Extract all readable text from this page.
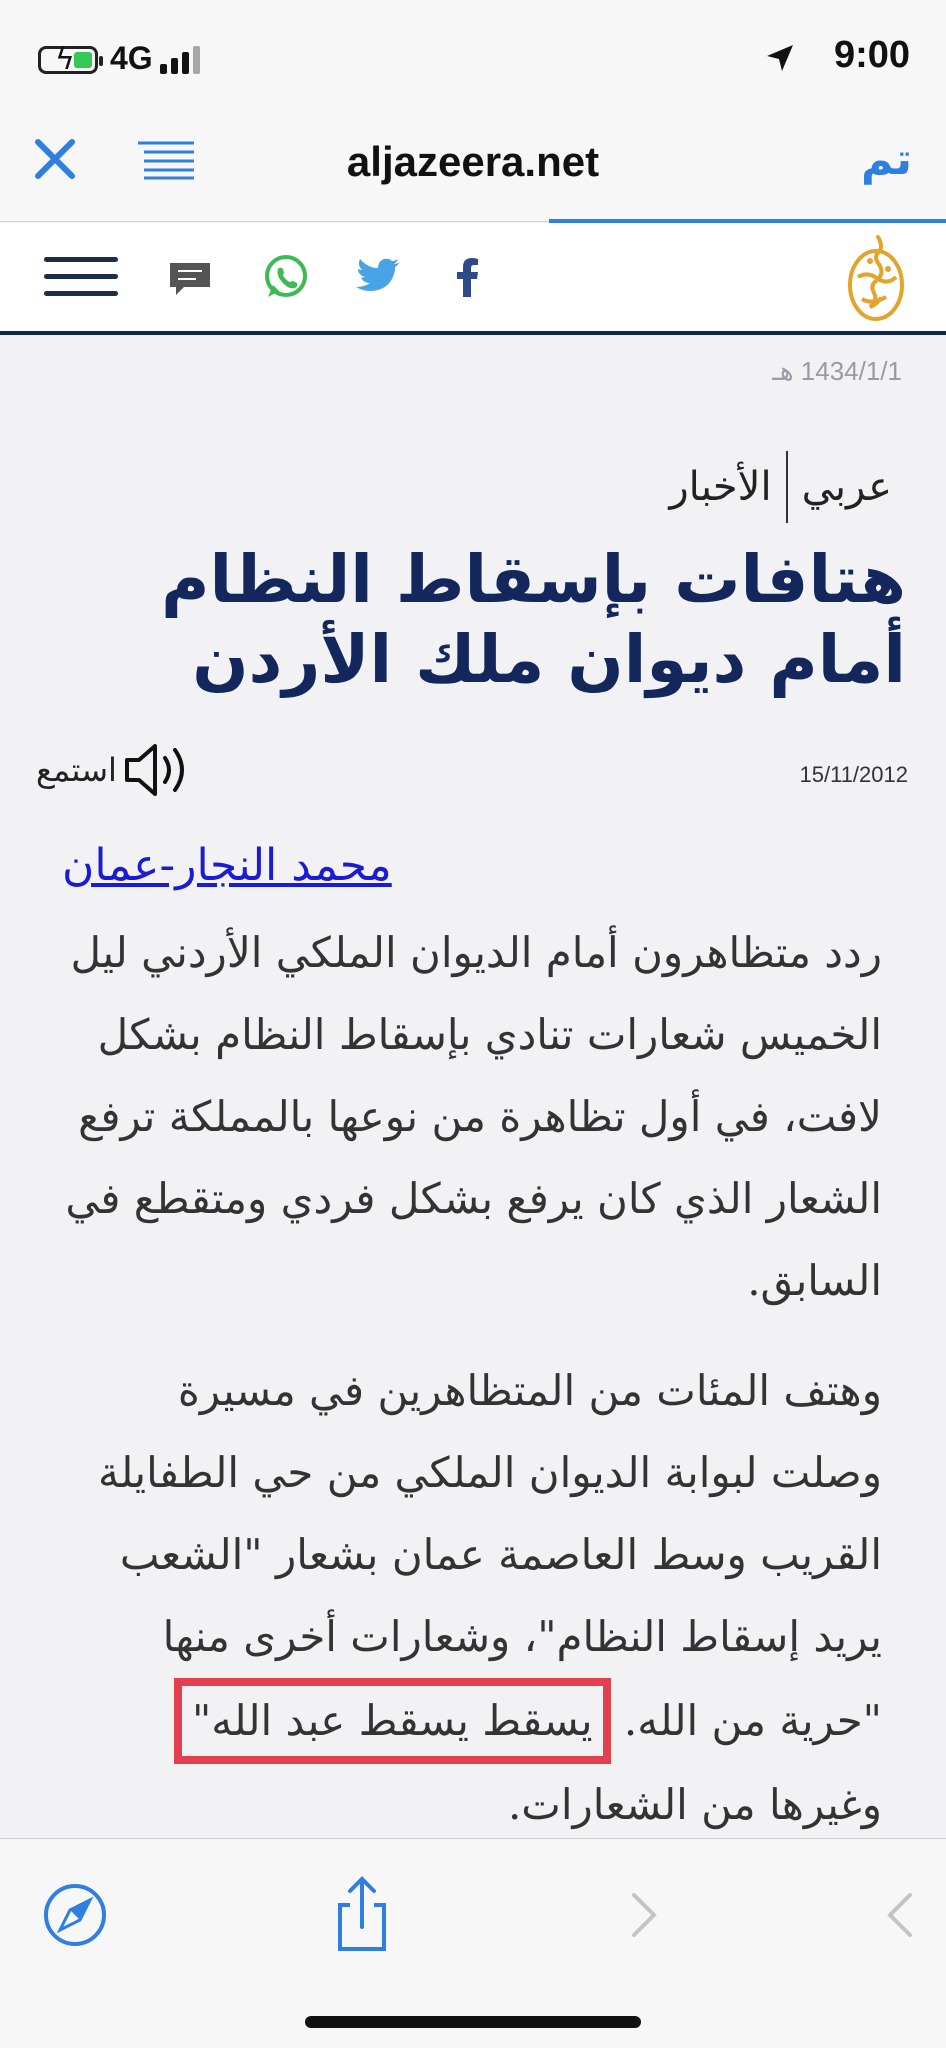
ϟ 4G	9:00
aljazeera.net	تم
1434/1/1 هـ
الأخبار عربي
هتافات بإسقاط النظام أمام ديوان ملك الأردن
15/11/2012
استمع
محمد النجار-عمان

ردد متظاهرون أمام الديوان الملكي الأردني ليل الخميس شعارات تنادي بإسقاط النظام بشكل لافت، في أول تظاهرة من نوعها بالمملكة ترفع الشعار الذي كان يرفع بشكل فردي ومتقطع في السابق.

وهتف المئات من المتظاهرين في مسيرة وصلت لبوابة الديوان الملكي من حي الطفايلة القريب وسط العاصمة عمان بشعار "الشعب يريد إسقاط النظام"، وشعارات أخرى منها "حرية من الله. يسقط يسقط عبد الله" وغيرها من الشعارات.
